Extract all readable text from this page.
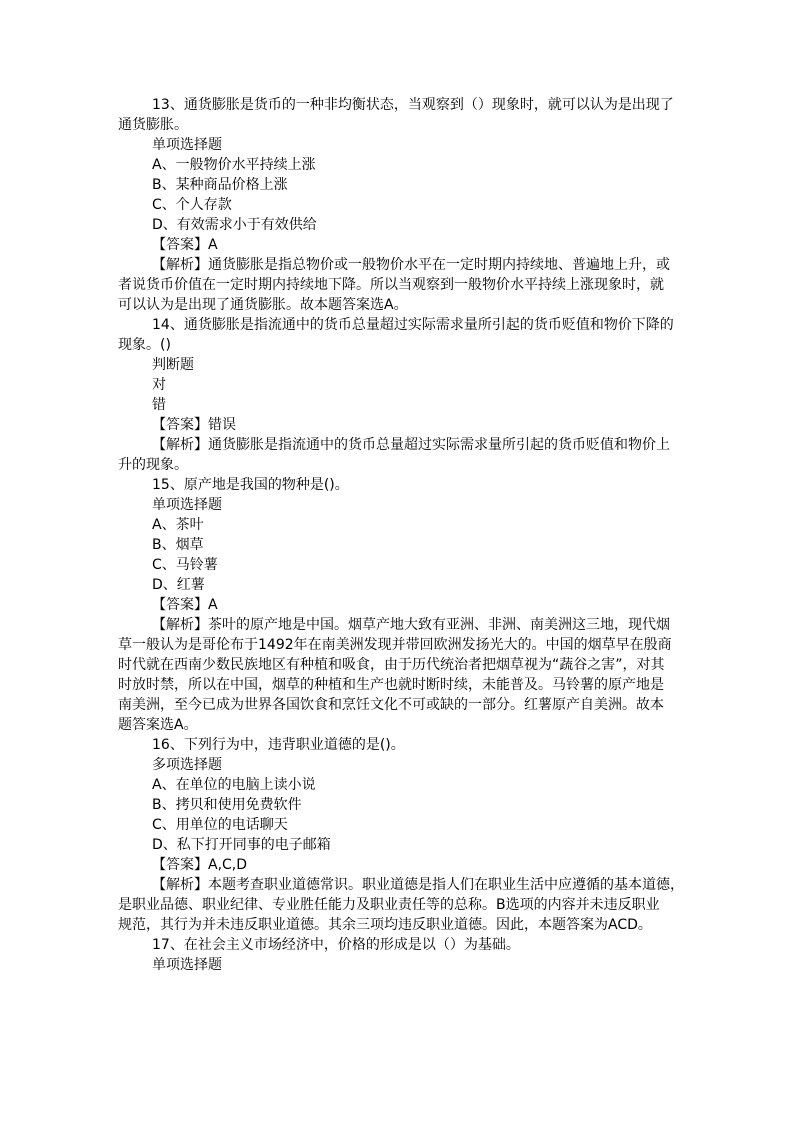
13、通货膨胀是货币的一种非均衡状态，当观察到（）现象时，就可以认为是出现了
通货膨胀。
单项选择题
A、一般物价水平持续上涨
B、某种商品价格上涨
C、个人存款
D、有效需求小于有效供给
【答案】A
【解析】通货膨胀是指总物价或一般物价水平在一定时期内持续地、普遍地上升，或
者说货币价值在一定时期内持续地下降。所以当观察到一般物价水平持续上涨现象时，就
可以认为是出现了通货膨胀。故本题答案选A。
14、通货膨胀是指流通中的货币总量超过实际需求量所引起的货币贬值和物价下降的
现象。()
判断题
对
错
【答案】错误
【解析】通货膨胀是指流通中的货币总量超过实际需求量所引起的货币贬值和物价上
升的现象。
15、原产地是我国的物种是()。
单项选择题
A、茶叶
B、烟草
C、马铃薯
D、红薯
【答案】A
【解析】茶叶的原产地是中国。烟草产地大致有亚洲、非洲、南美洲这三地，现代烟
草一般认为是哥伦布于1492年在南美洲发现并带回欧洲发扬光大的。中国的烟草早在殷商
时代就在西南少数民族地区有种植和吸食，由于历代统治者把烟草视为“蔬谷之害”，对其
时放时禁，所以在中国，烟草的种植和生产也就时断时续，未能普及。马铃薯的原产地是
南美洲，至今已成为世界各国饮食和烹饪文化不可或缺的一部分。红薯原产自美洲。故本
题答案选A。
16、下列行为中，违背职业道德的是()。
多项选择题
A、在单位的电脑上读小说
B、拷贝和使用免费软件
C、用单位的电话聊天
D、私下打开同事的电子邮箱
【答案】A,C,D
【解析】本题考查职业道德常识。职业道德是指人们在职业生活中应遵循的基本道德，
是职业品德、职业纪律、专业胜任能力及职业责任等的总称。B选项的内容并未违反职业
规范，其行为并未违反职业道德。其余三项均违反职业道德。因此，本题答案为ACD。
17、在社会主义市场经济中，价格的形成是以（）为基础。
单项选择题
